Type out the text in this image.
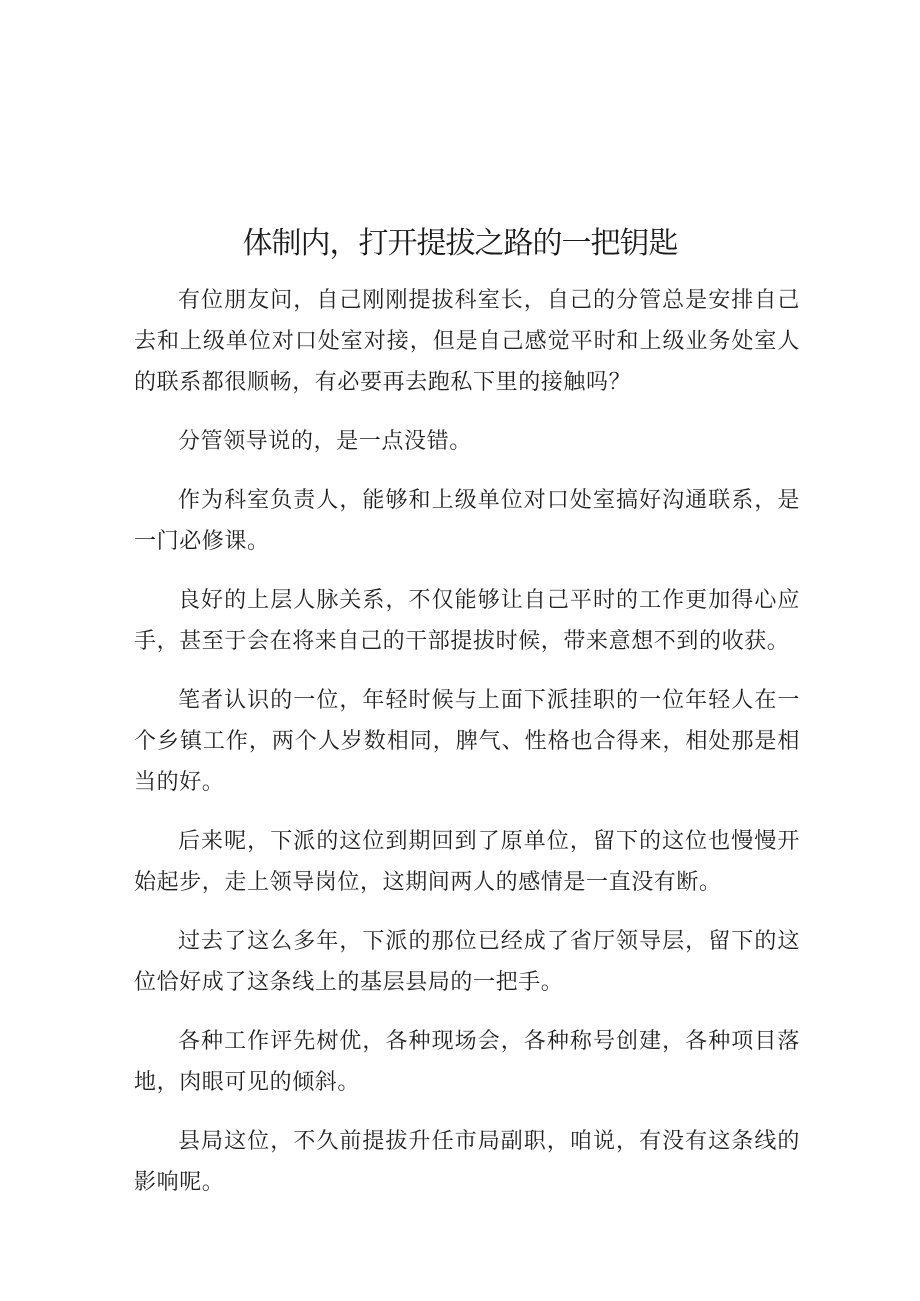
体制内，打开提拔之路的一把钥匙

有位朋友问，自己刚刚提拔科室长，自己的分管总是安排自己去和上级单位对口处室对接，但是自己感觉平时和上级业务处室人的联系都很顺畅，有必要再去跑私下里的接触吗？

分管领导说的，是一点没错。

作为科室负责人，能够和上级单位对口处室搞好沟通联系，是一门必修课。

良好的上层人脉关系，不仅能够让自己平时的工作更加得心应手，甚至于会在将来自己的干部提拔时候，带来意想不到的收获。

笔者认识的一位，年轻时候与上面下派挂职的一位年轻人在一个乡镇工作，两个人岁数相同，脾气、性格也合得来，相处那是相当的好。

后来呢，下派的这位到期回到了原单位，留下的这位也慢慢开始起步，走上领导岗位，这期间两人的感情是一直没有断。

过去了这么多年，下派的那位已经成了省厅领导层，留下的这位恰好成了这条线上的基层县局的一把手。

各种工作评先树优，各种现场会，各种称号创建，各种项目落地，肉眼可见的倾斜。

县局这位，不久前提拔升任市局副职，咱说，有没有这条线的影响呢。
